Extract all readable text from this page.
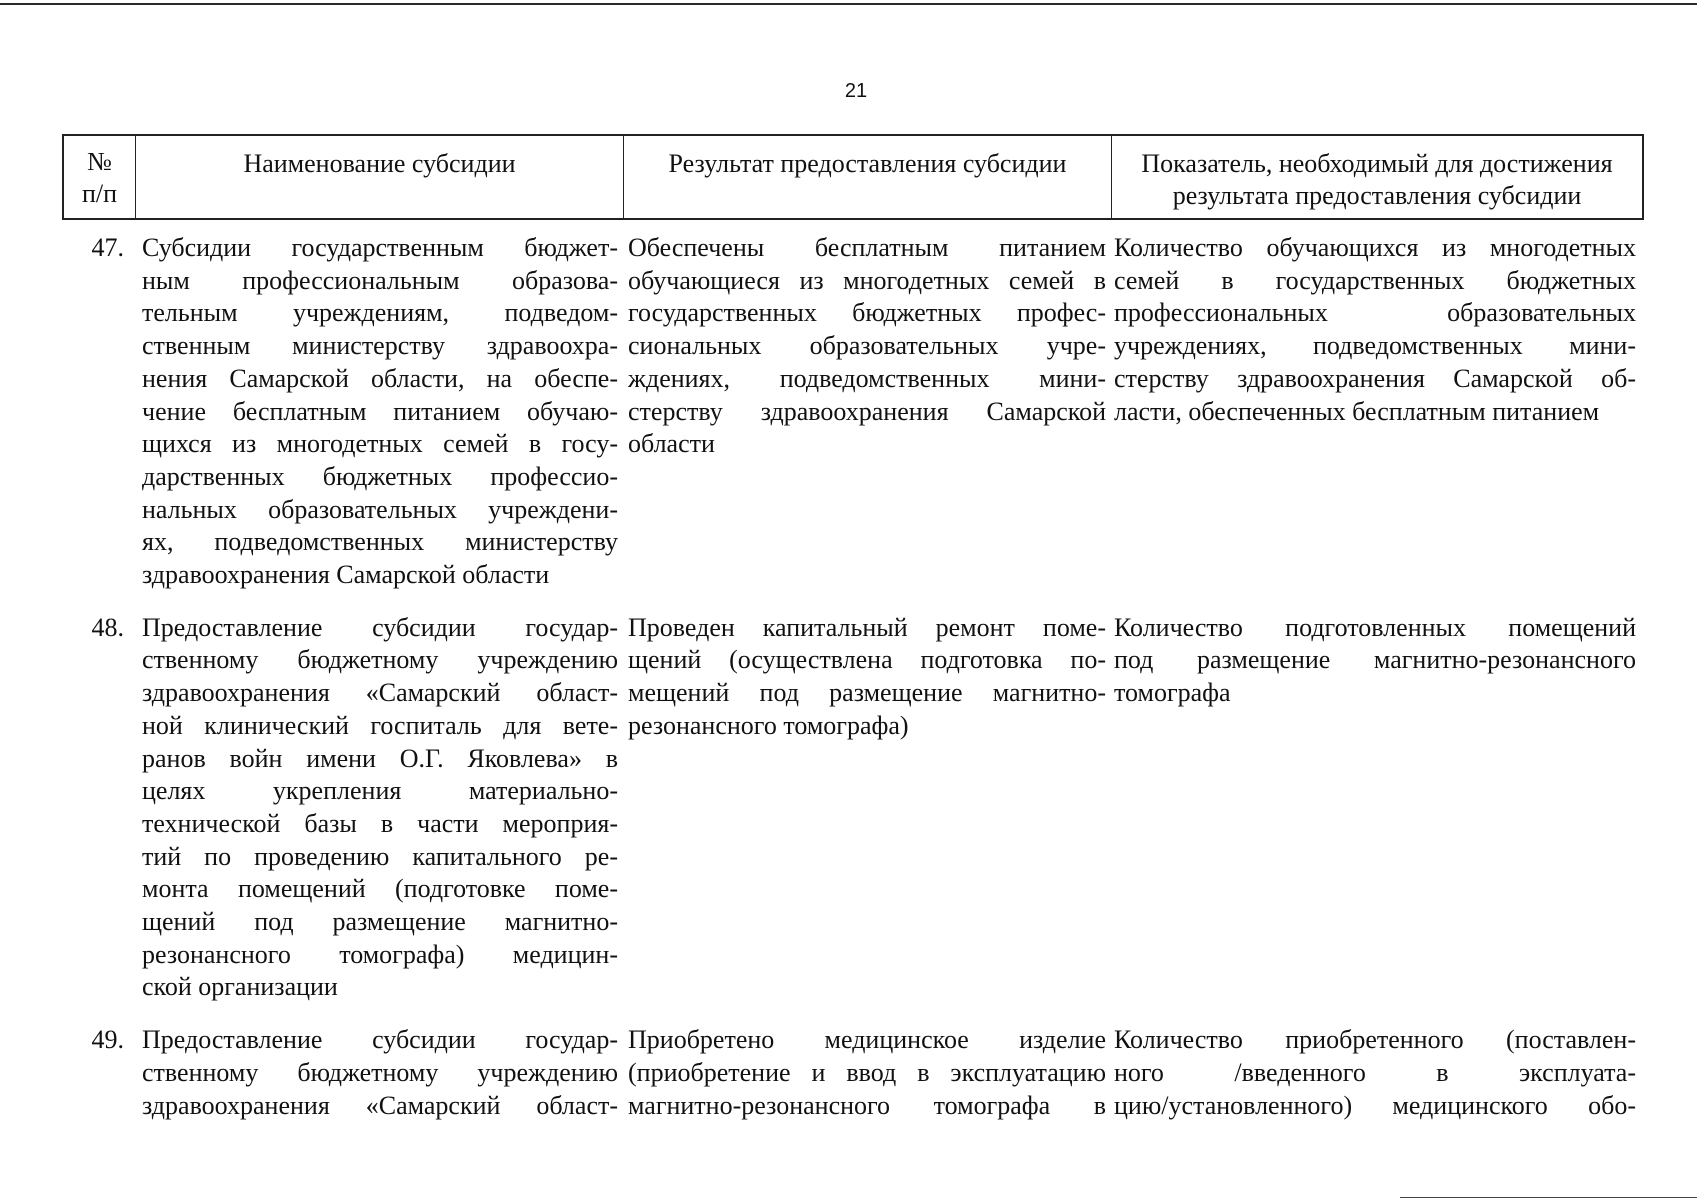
21
№
п/п
Наименование субсидии	Результат предоставления субсидии	Показатель, необходимый для достижения
результата предоставления субсидии
47. Субсидии государственным бюджет-
ным профессиональным образова-
тельным учреждениям, подведом-
ственным министерству здравоохра-
нения Самарской области, на обеспе-
чение бесплатным питанием обучаю-
щихся из многодетных семей в госу-
дарственных бюджетных профессио-
нальных образовательных учреждени-
ях, подведомственных министерству
здравоохранения Самарской области
Обеспечены бесплатным питанием
обучающиеся из многодетных семей в
государственных бюджетных профес-
сиональных образовательных учре-
ждениях, подведомственных мини-
стерству здравоохранения Самарской
области
Количество обучающихся из многодетных
семей в государственных бюджетных
профессиональных образовательных
учреждениях, подведомственных мини-
стерству здравоохранения Самарской об-
ласти, обеспеченных бесплатным питанием
48. Предоставление субсидии государ-
ственному бюджетному учреждению
здравоохранения «Самарский област-
ной клинический госпиталь для вете-
ранов войн имени О.Г. Яковлева» в
целях укрепления материально-
технической базы в части мероприя-
тий по проведению капитального ре-
монта помещений (подготовке поме-
щений под размещение магнитно-
резонансного томографа) медицин-
ской организации
Проведен капитальный ремонт поме-
щений (осуществлена подготовка по-
мещений под размещение магнитно-
резонансного томографа)
Количество подготовленных помещений
под размещение магнитно-резонансного
томографа
49. Предоставление субсидии государ-
ственному бюджетному учреждению
здравоохранения «Самарский област-
Приобретено медицинское изделие
(приобретение и ввод в эксплуатацию
магнитно-резонансного томографа в
Количество приобретенного (поставлен-
ного /введенного в эксплуата-
цию/установленного) медицинского обо-
